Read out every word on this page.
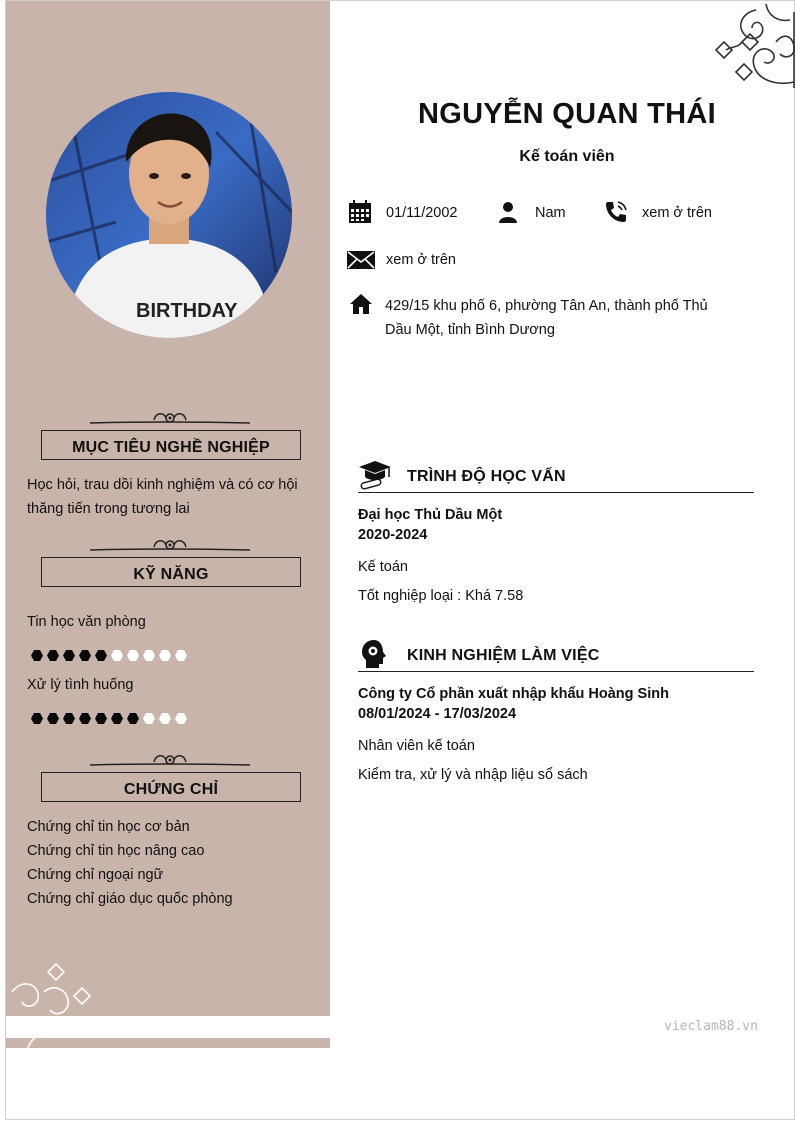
BIRTHDAY
MỤC TIÊU NGHỀ NGHIỆP
Học hỏi, trau dồi kinh nghiệm và có cơ hội
thăng tiến trong tương lai
KỸ NĂNG
Tin học văn phòng
Xử lý tình huống
CHỨNG CHỈ
Chứng chỉ tin học cơ bản
Chứng chỉ tin học nâng cao
Chứng chỉ ngoại ngữ
Chứng chỉ giáo dục quốc phòng
NGUYỄN QUAN THÁI
Kế toán viên
01/11/2002	Nam	xem ở trên
xem ở trên
429/15 khu phố 6, phường Tân An, thành phố Thủ
Dầu Một, tỉnh Bình Dương
TRÌNH ĐỘ HỌC VẤN
Đại học Thủ Dầu Một
2020-2024
Kế toán
Tốt nghiệp loại : Khá 7.58
KINH NGHIỆM LÀM VIỆC
Công ty Cổ phần xuất nhập khẩu Hoàng Sinh
08/01/2024 - 17/03/2024
Nhân viên kế toán
Kiểm tra, xử lý và nhập liệu sổ sách
vieclam88.vn
